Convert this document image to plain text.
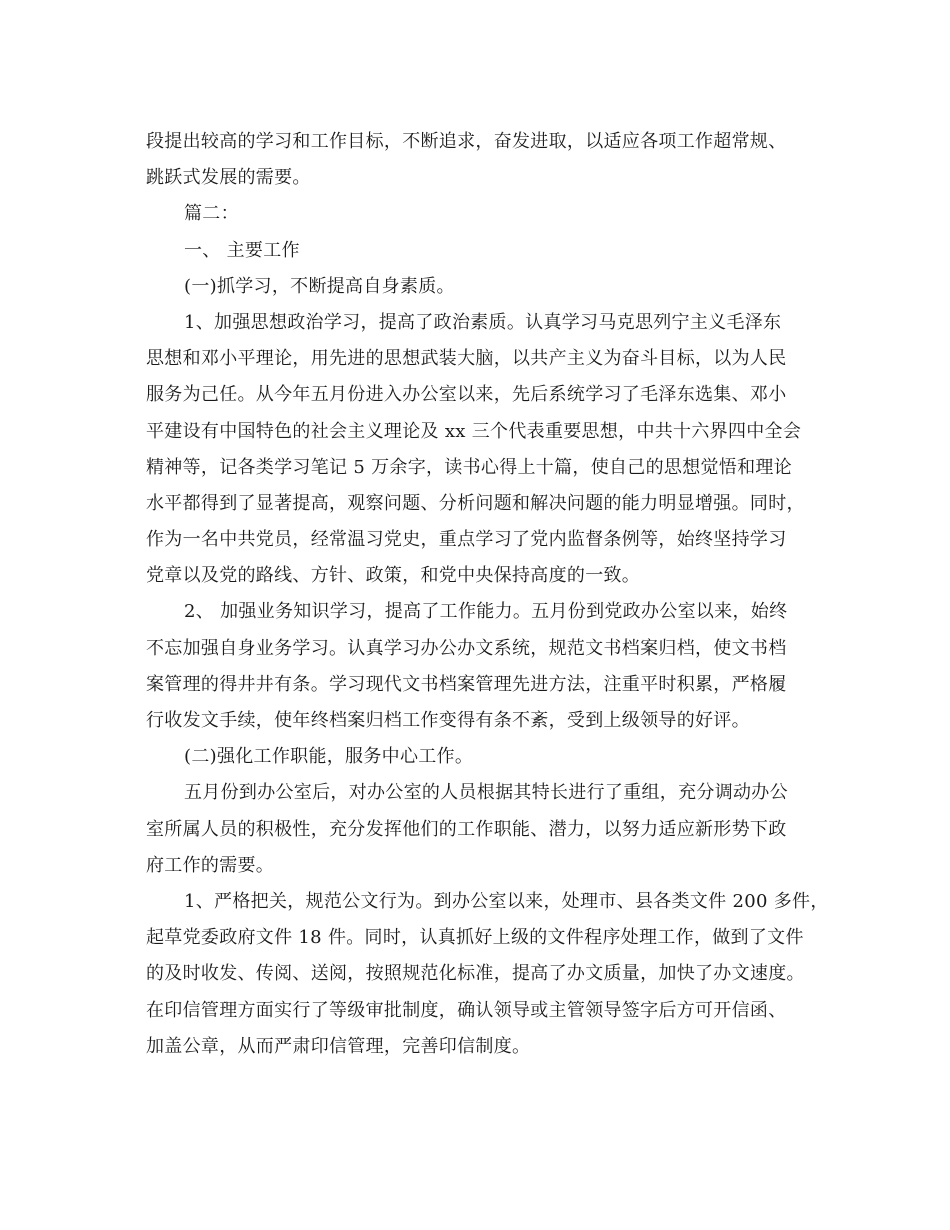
段提出较高的学习和工作目标，不断追求，奋发进取，以适应各项工作超常规、
跳跃式发展的需要。
篇二：
一、 主要工作
(一)抓学习，不断提高自身素质。
1、加强思想政治学习，提高了政治素质。认真学习马克思列宁主义毛泽东
思想和邓小平理论，用先进的思想武装大脑，以共产主义为奋斗目标，以为人民
服务为己任。从今年五月份进入办公室以来，先后系统学习了毛泽东选集、邓小
平建设有中国特色的社会主义理论及 xx 三个代表重要思想，中共十六界四中全会
精神等，记各类学习笔记 5 万余字，读书心得上十篇，使自己的思想觉悟和理论
水平都得到了显著提高，观察问题、分析问题和解决问题的能力明显增强。同时，
作为一名中共党员，经常温习党史，重点学习了党内监督条例等，始终坚持学习
党章以及党的路线、方针、政策，和党中央保持高度的一致。
2、 加强业务知识学习，提高了工作能力。五月份到党政办公室以来，始终
不忘加强自身业务学习。认真学习办公办文系统，规范文书档案归档，使文书档
案管理的得井井有条。学习现代文书档案管理先进方法，注重平时积累，严格履
行收发文手续，使年终档案归档工作变得有条不紊，受到上级领导的好评。
(二)强化工作职能，服务中心工作。
五月份到办公室后，对办公室的人员根据其特长进行了重组，充分调动办公
室所属人员的积极性，充分发挥他们的工作职能、潜力，以努力适应新形势下政
府工作的需要。
1、严格把关，规范公文行为。到办公室以来，处理市、县各类文件 200 多件，
起草党委政府文件 18 件。同时，认真抓好上级的文件程序处理工作，做到了文件
的及时收发、传阅、送阅，按照规范化标准，提高了办文质量，加快了办文速度。
在印信管理方面实行了等级审批制度，确认领导或主管领导签字后方可开信函、
加盖公章，从而严肃印信管理，完善印信制度。
